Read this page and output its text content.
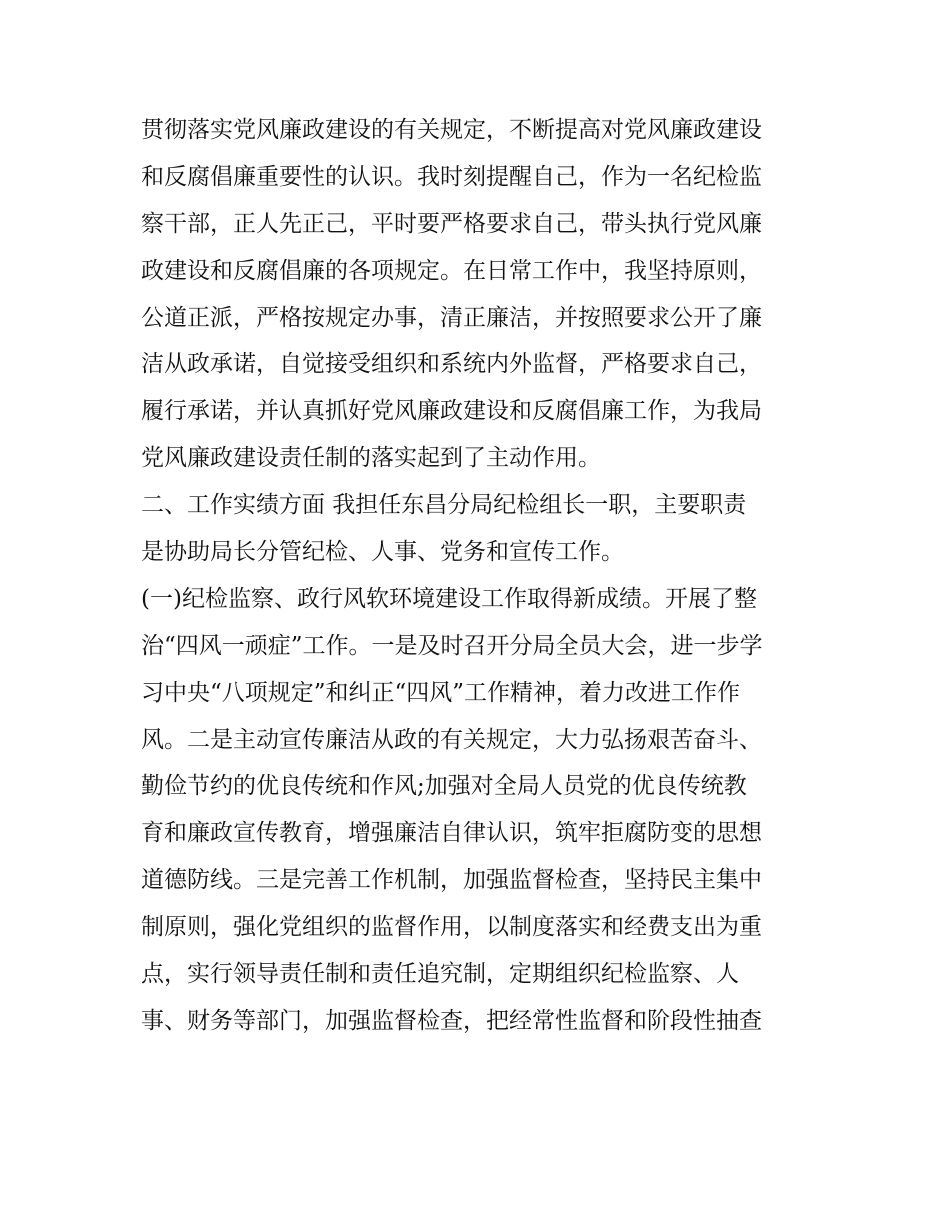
贯彻落实党风廉政建设的有关规定，不断提高对党风廉政建设
和反腐倡廉重要性的认识。我时刻提醒自己，作为一名纪检监
察干部，正人先正己，平时要严格要求自己，带头执行党风廉
政建设和反腐倡廉的各项规定。在日常工作中，我坚持原则，
公道正派，严格按规定办事，清正廉洁，并按照要求公开了廉
洁从政承诺，自觉接受组织和系统内外监督，严格要求自己，
履行承诺，并认真抓好党风廉政建设和反腐倡廉工作，为我局
党风廉政建设责任制的落实起到了主动作用。
二、工作实绩方面 我担任东昌分局纪检组长一职，主要职责
是协助局长分管纪检、人事、党务和宣传工作。
(一)纪检监察、政行风软环境建设工作取得新成绩。开展了整
治“四风一顽症”工作。一是及时召开分局全员大会，进一步学
习中央“八项规定”和纠正“四风”工作精神，着力改进工作作
风。二是主动宣传廉洁从政的有关规定，大力弘扬艰苦奋斗、
勤俭节约的优良传统和作风;加强对全局人员党的优良传统教
育和廉政宣传教育，增强廉洁自律认识，筑牢拒腐防变的思想
道德防线。三是完善工作机制，加强监督检查，坚持民主集中
制原则，强化党组织的监督作用，以制度落实和经费支出为重
点，实行领导责任制和责任追究制，定期组织纪检监察、人
事、财务等部门，加强监督检查，把经常性监督和阶段性抽查
